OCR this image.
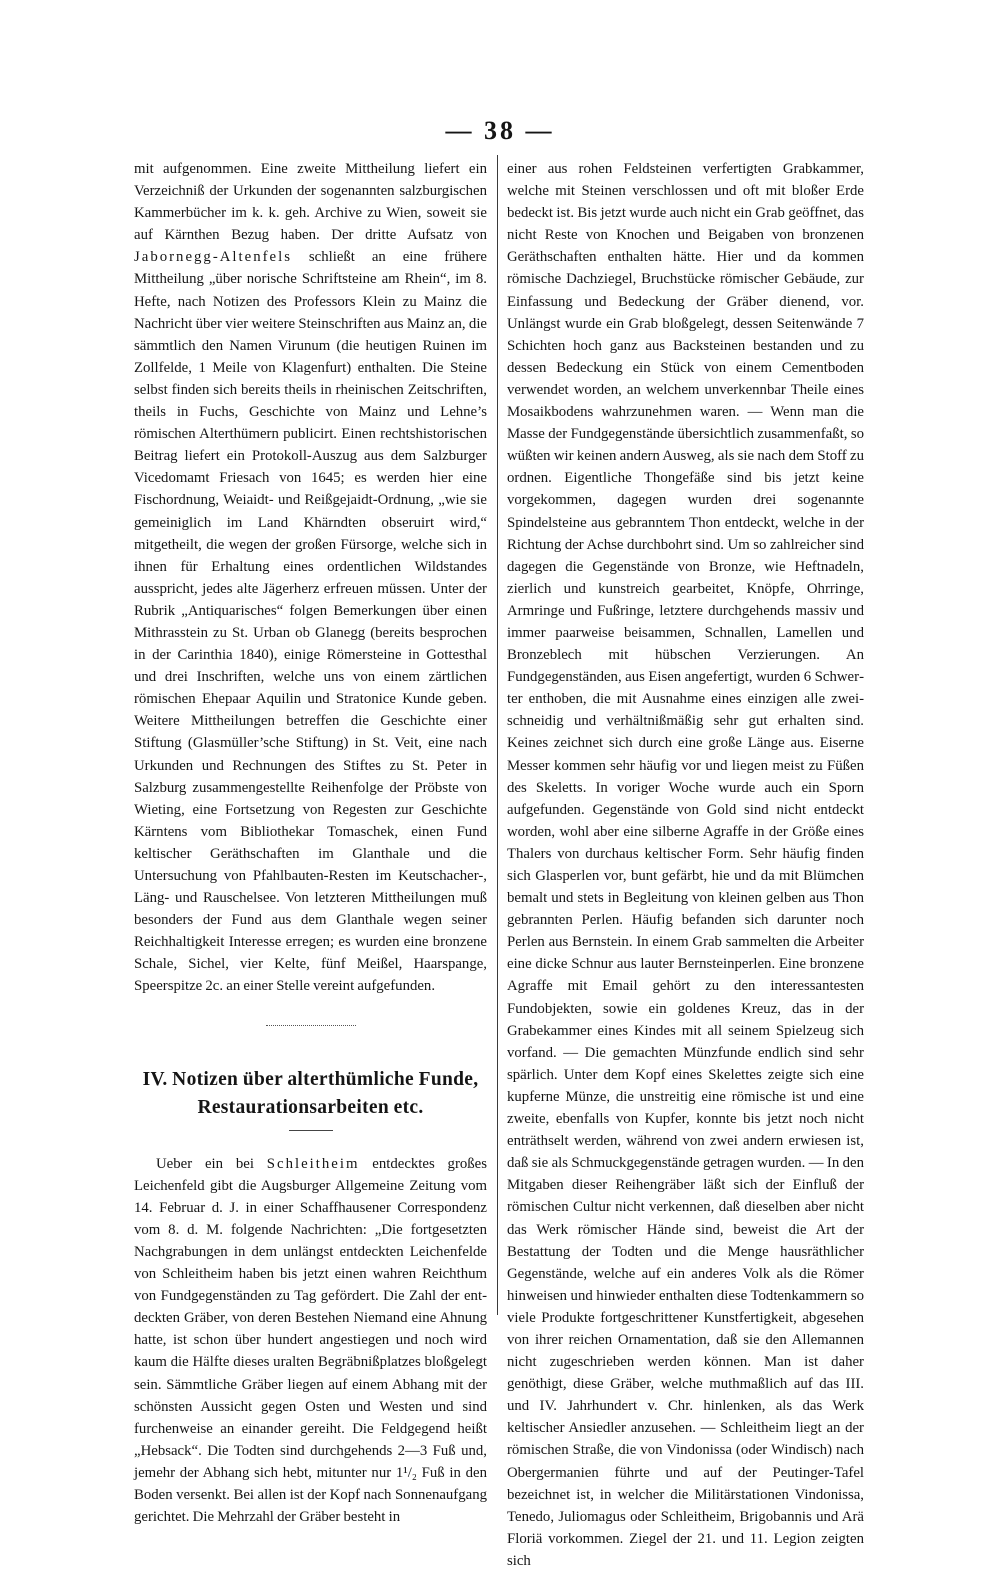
— 38 —

mit aufgenommen. Eine zweite Mittheilung liefert ein Verzeichniß der Urkunden der sogenannten salzburgischen Kammerbücher im k. k. geh. Archive zu Wien, soweit sie auf Kärnthen Bezug haben. Der dritte Aufsatz von Jabornegg-Altenfels schließt an eine frühere Mittheilung „über norische Schriftsteine am Rhein“, im 8. Hefte, nach Notizen des Professors Klein zu Mainz die Nachricht über vier weitere Steinschriften aus Mainz an, die sämmtlich den Namen Virunum (die heutigen Ruinen im Zollfelde, 1 Meile von Klagenfurt) enthalten. Die Steine selbst finden sich bereits theils in rheinischen Zeitschriften, theils in Fuchs, Geschichte von Mainz und Lehne’s römischen Alterthümern publicirt. Einen rechtshistorischen Beitrag liefert ein Protokoll-Auszug aus dem Salzburger Vicedomamt Friesach von 1645; es werden hier eine Fischordnung, Weiaidt- und Reißgejaidt-Ordnung, „wie sie gemeiniglich im Land Khärndten obseruirt wird,“ mitgetheilt, die wegen der großen Fürsorge, welche sich in ihnen für Erhaltung eines ordentlichen Wildstandes ausspricht, jedes alte Jägerherz erfreuen müssen. Unter der Rubrik „Antiquarisches“ folgen Bemerkungen über einen Mithrasstein zu St. Urban ob Glanegg (bereits besprochen in der Carinthia 1840), einige Römersteine in Gottesthal und drei Inschriften, welche uns von einem zärtlichen römischen Ehepaar Aquilin und Stratonice Kunde geben. Weitere Mittheilungen betreffen die Geschichte einer Stiftung (Glasmüller’sche Stiftung) in St. Veit, eine nach Urkunden und Rechnungen des Stiftes zu St. Peter in Salzburg zusammengestellte Reihenfolge der Pröbste von Wieting, eine Fortsetzung von Regesten zur Geschichte Kärntens vom Bibliothekar Tomaschek, einen Fund keltischer Geräthschaften im Glanthale und die Untersuchung von Pfahlbauten-Resten im Keutschacher-, Läng- und Rauschelsee. Von letzteren Mittheilungen muß besonders der Fund aus dem Glanthale wegen seiner Reichhaltigkeit Interesse erregen; es wurden eine bronzene Schale, Sichel, vier Kelte, fünf Meißel, Haarspange, Speerspitze 2c. an einer Stelle vereint aufgefunden.

IV. Notizen über alterthümliche Funde, Restaurationsarbeiten etc.

Ueber ein bei Schleitheim entdecktes großes Leichenfeld gibt die Augsburger Allgemeine Zeitung vom 14. Februar d. J. in einer Schaffhausener Correspondenz vom 8. d. M. folgende Nachrichten: „Die fortgesetzten Nachgrabungen in dem unlängst entdeckten Leichenfelde von Schleitheim haben bis jetzt einen wahren Reichthum von Fundgegenständen zu Tag gefördert. Die Zahl der entdeckten Gräber, von deren Bestehen Niemand eine Ahnung hatte, ist schon über hundert angestiegen und noch wird kaum die Hälfte dieses uralten Begräbnißplatzes bloßgelegt sein. Sämmtliche Gräber liegen auf einem Abhang mit der schönsten Aussicht gegen Osten und Westen und sind furchenweise an einander gereiht. Die Feldgegend heißt „Hebsack“. Die Todten sind durchgehends 2—3 Fuß und, jemehr der Abhang sich hebt, mitunter nur 1¹/₂ Fuß in den Boden versenkt. Bei allen ist der Kopf nach Sonnenaufgang gerichtet. Die Mehrzahl der Gräber besteht in

einer aus rohen Feldsteinen verfertigten Grabkammer, welche mit Steinen verschlossen und oft mit bloßer Erde bedeckt ist. Bis jetzt wurde auch nicht ein Grab geöffnet, das nicht Reste von Knochen und Beigaben von bronzenen Geräthschaften enthalten hätte. Hier und da kommen römische Dachziegel, Bruchstücke römischer Gebäude, zur Einfassung und Bedeckung der Gräber dienend, vor. Unlängst wurde ein Grab bloßgelegt, dessen Seitenwände 7 Schichten hoch ganz aus Backsteinen bestanden und zu dessen Bedeckung ein Stück von einem Cementboden verwendet worden, an welchem unverkennbar Theile eines Mosaikbodens wahrzunehmen waren. — Wenn man die Masse der Fundgegenstände übersichtlich zusammenfaßt, so wüßten wir keinen andern Ausweg, als sie nach dem Stoff zu ordnen. Eigentliche Thongefäße sind bis jetzt keine vorgekommen, dagegen wurden drei sogenannte Spindelsteine aus gebranntem Thon entdeckt, welche in der Richtung der Achse durchbohrt sind. Um so zahlreicher sind dagegen die Gegenstände von Bronze, wie Heftnadeln, zierlich und kunstreich gearbeitet, Knöpfe, Ohrringe, Armringe und Fußringe, letztere durchgehends massiv und immer paarweise beisammen, Schnallen, Lamellen und Bronzeblech mit hübschen Verzierungen. An Fundgegenständen, aus Eisen angefertigt, wurden 6 Schwerter enthoben, die mit Ausnahme eines einzigen alle zweischneidig und verhältnißmäßig sehr gut erhalten sind. Keines zeichnet sich durch eine große Länge aus. Eiserne Messer kommen sehr häufig vor und liegen meist zu Füßen des Skeletts. In voriger Woche wurde auch ein Sporn aufgefunden. Gegenstände von Gold sind nicht entdeckt worden, wohl aber eine silberne Agraffe in der Größe eines Thalers von durchaus keltischer Form. Sehr häufig finden sich Glasperlen vor, bunt gefärbt, hie und da mit Blümchen bemalt und stets in Begleitung von kleinen gelben aus Thon gebrannten Perlen. Häufig befanden sich darunter noch Perlen aus Bernstein. In einem Grab sammelten die Arbeiter eine dicke Schnur aus lauter Bernsteinperlen. Eine bronzene Agraffe mit Email gehört zu den interessantesten Fundobjekten, sowie ein goldenes Kreuz, das in der Grabekammer eines Kindes mit all seinem Spielzeug sich vorfand. — Die gemachten Münzfunde endlich sind sehr spärlich. Unter dem Kopf eines Skelettes zeigte sich eine kupferne Münze, die unstreitig eine römische ist und eine zweite, ebenfalls von Kupfer, konnte bis jetzt noch nicht enträthselt werden, während von zwei andern erwiesen ist, daß sie als Schmuckgegenstände getragen wurden. — In den Mitgaben dieser Reihengräber läßt sich der Einfluß der römischen Cultur nicht verkennen, daß dieselben aber nicht das Werk römischer Hände sind, beweist die Art der Bestattung der Todten und die Menge hausräthlicher Gegenstände, welche auf ein anderes Volk als die Römer hinweisen und hinwieder enthalten diese Todtenkammern so viele Produkte fortgeschrittener Kunstfertigkeit, abgesehen von ihrer reichen Ornamentation, daß sie den Allemannen nicht zugeschrieben werden können. Man ist daher genöthigt, diese Gräber, welche muthmaßlich auf das III. und IV. Jahrhundert v. Chr. hinlenken, als das Werk keltischer Ansiedler anzusehen. — Schleitheim liegt an der römischen Straße, die von Vindonissa (oder Windisch) nach Obergermanien führte und auf der Peutinger-Tafel bezeichnet ist, in welcher die Militärstationen Vindonissa, Tenedo, Juliomagus oder Schleitheim, Brigobannis und Arä Floriä vorkommen. Ziegel der 21. und 11. Legion zeigten sich
